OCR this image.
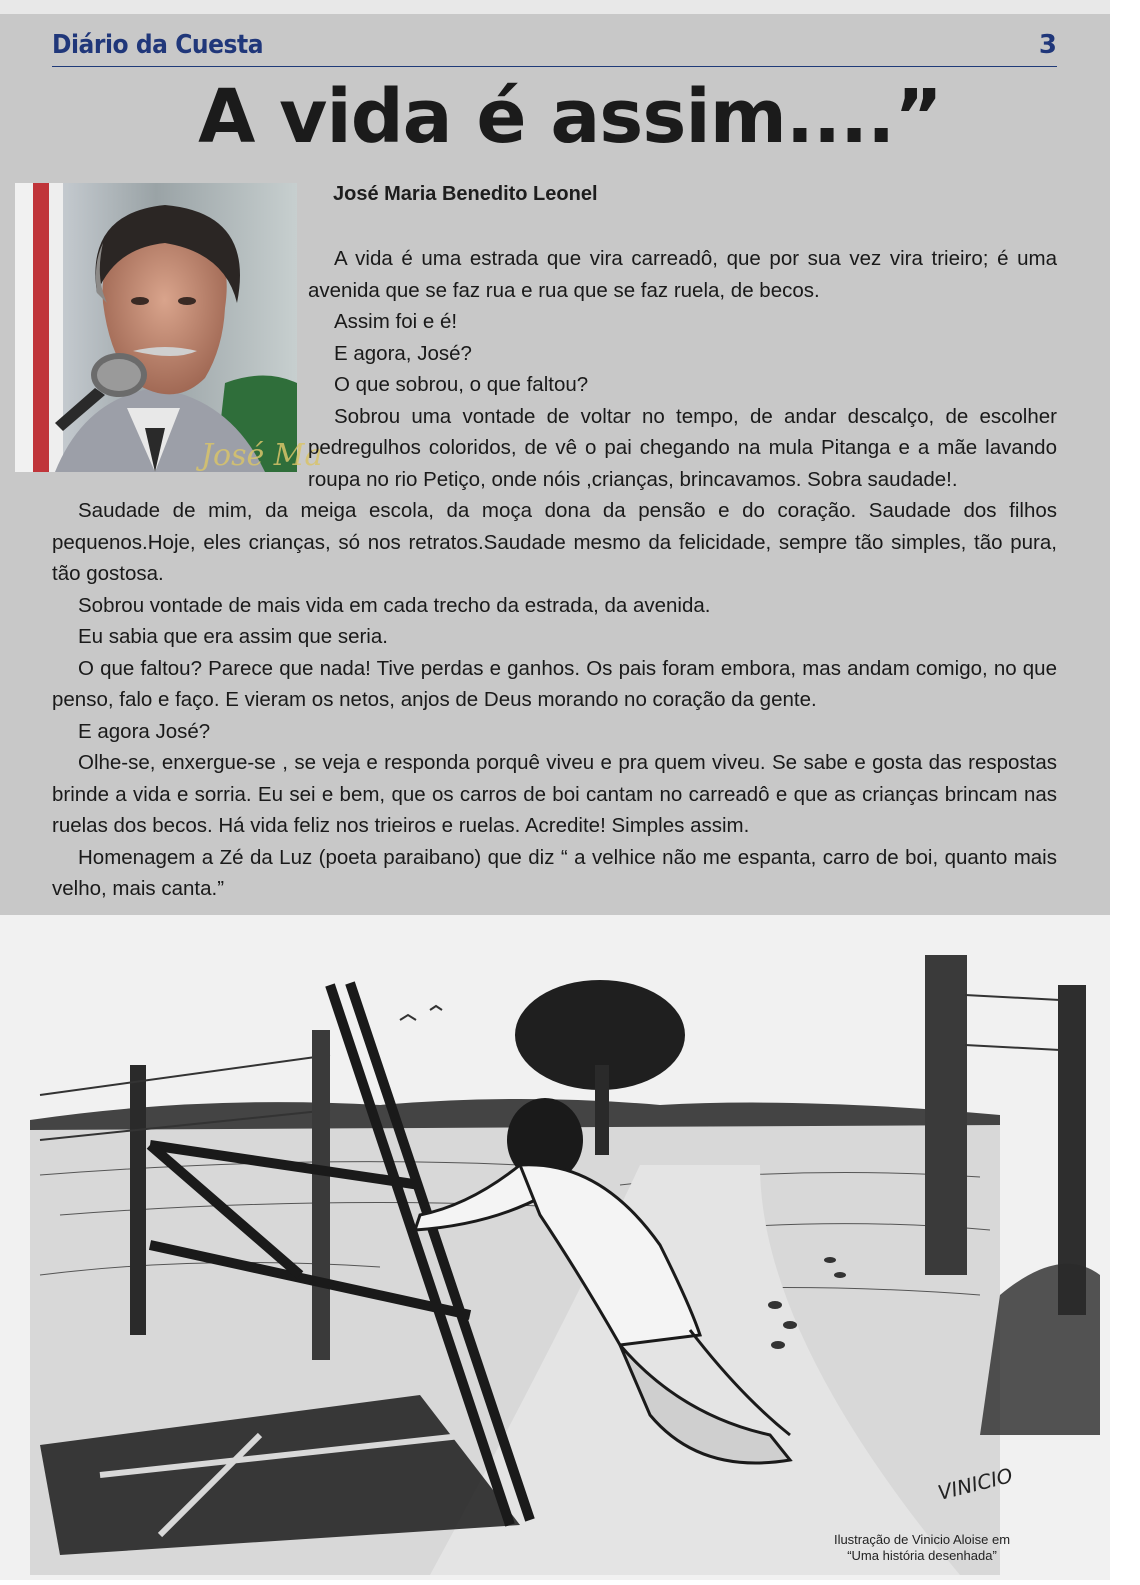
Diário da Cuesta	3
A vida é assim....”
José Ma
José Maria Benedito Leonel

A vida é uma estrada que vira carreadô, que por sua vez vira trieiro; é uma avenida que se faz rua e rua que se faz ruela, de becos.

Assim foi e é!

E agora, José?

O que sobrou, o que faltou?

Sobrou uma vontade de voltar no tempo, de andar descalço, de escolher pedregulhos coloridos, de vê o pai chegando na mula Pitanga e a mãe lavando roupa no rio Petiço, onde nóis ,crianças, brincavamos. Sobra saudade!.

Saudade de mim, da meiga escola, da moça dona da pensão e do coração. Saudade dos filhos pequenos.Hoje, eles crianças, só nos retratos.Saudade mesmo da felicidade, sempre tão simples, tão pura, tão gostosa.

Sobrou vontade de mais vida em cada trecho da estrada, da avenida.

Eu sabia que era assim que seria.

O que faltou? Parece que nada! Tive perdas e ganhos. Os pais foram embora, mas andam comigo, no que penso, falo e faço. E vieram os netos, anjos de Deus morando no coração da gente.

E agora José?

Olhe-se, enxergue-se , se veja e responda porquê viveu e pra quem viveu. Se sabe e gosta das respostas brinde a vida e sorria. Eu sei e bem, que os carros de boi cantam no carreadô e que as crianças brincam nas ruelas dos becos. Há vida feliz nos trieiros e ruelas. Acredite! Simples assim.

Homenagem a Zé da Luz (poeta paraibano) que diz “ a velhice não me espanta, carro de boi, quanto mais velho, mais canta.”

VINICIO
Ilustração de Vinicio Aloise em
“Uma história desenhada”
